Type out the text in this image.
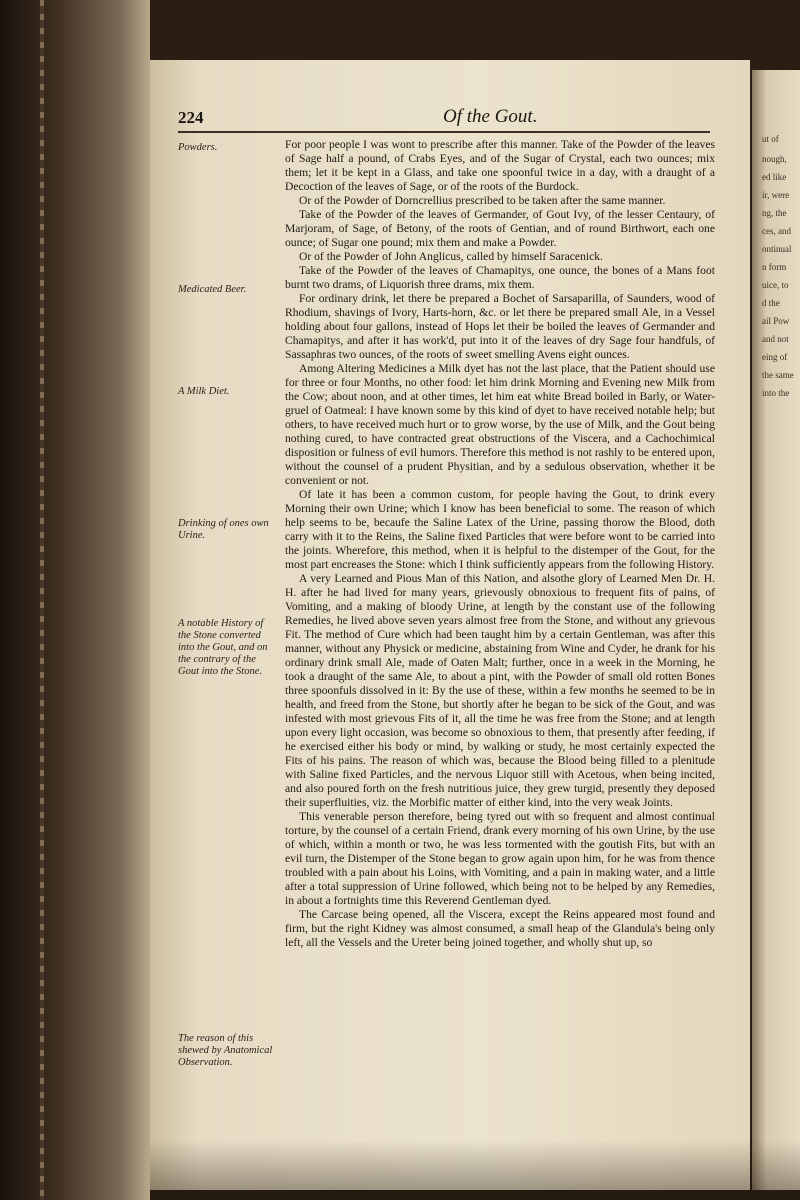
ut of
nough,
ed like
ir, were
ng, the
ces, and
ontinual
n form
uice, to
d the
ail Pow
and not
eing of
the same
into the
224	Of the Gout.
Powders.
Medicated Beer.
A Milk Diet.
Drinking of ones own Urine.
A notable History of the Stone converted into the Gout, and on the contrary of the Gout into the Stone.
The reason of this shewed by Anatomical Observation.

For poor people I was wont to prescribe after this manner. Take of the Powder of the leaves of Sage half a pound, of Crabs Eyes, and of the Sugar of Crystal, each two ounces; mix them; let it be kept in a Glass, and take one spoonful twice in a day, with a draught of a Decoction of the leaves of Sage, or of the roots of the Burdock.

Or of the Powder of Dorncrellius prescribed to be taken after the same manner.

Take of the Powder of the leaves of Germander, of Gout Ivy, of the lesser Centaury, of Marjoram, of Sage, of Betony, of the roots of Gentian, and of round Birthwort, each one ounce; of Sugar one pound; mix them and make a Powder.

Or of the Powder of John Anglicus, called by himself Saracenick.

Take of the Powder of the leaves of Chamapitys, one ounce, the bones of a Mans foot burnt two drams, of Liquorish three drams, mix them.

For ordinary drink, let there be prepared a Bochet of Sarsaparilla, of Saunders, wood of Rhodium, shavings of Ivory, Harts-horn, &c. or let there be prepared small Ale, in a Vessel holding about four gallons, instead of Hops let their be boiled the leaves of Germander and Chamapitys, and after it has work'd, put into it of the leaves of dry Sage four handfuls, of Sassaphras two ounces, of the roots of sweet smelling Avens eight ounces.

Among Altering Medicines a Milk dyet has not the last place, that the Patient should use for three or four Months, no other food: let him drink Morning and Evening new Milk from the Cow; about noon, and at other times, let him eat white Bread boiled in Barly, or Water-gruel of Oatmeal: I have known some by this kind of dyet to have received notable help; but others, to have received much hurt or to grow worse, by the use of Milk, and the Gout being nothing cured, to have contracted great obstructions of the Viscera, and a Cachochimical disposition or fulness of evil humors. Therefore this method is not rashly to be entered upon, without the counsel of a prudent Physitian, and by a sedulous observation, whether it be convenient or not.

Of late it has been a common custom, for people having the Gout, to drink every Morning their own Urine; which I know has been beneficial to some. The reason of which help seems to be, becaufe the Saline Latex of the Urine, passing thorow the Blood, doth carry with it to the Reins, the Saline fixed Particles that were before wont to be carried into the joints. Wherefore, this method, when it is helpful to the distemper of the Gout, for the most part encreases the Stone: which I think sufficiently appears from the following History.

A very Learned and Pious Man of this Nation, and alsothe glory of Learned Men Dr. H. H. after he had lived for many years, grievously obnoxious to frequent fits of pains, of Vomiting, and a making of bloody Urine, at length by the constant use of the following Remedies, he lived above seven years almost free from the Stone, and without any grievous Fit. The method of Cure which had been taught him by a certain Gentleman, was after this manner, without any Physick or medicine, abstaining from Wine and Cyder, he drank for his ordinary drink small Ale, made of Oaten Malt; further, once in a week in the Morning, he took a draught of the same Ale, to about a pint, with the Powder of small old rotten Bones three spoonfuls dissolved in it: By the use of these, within a few months he seemed to be in health, and freed from the Stone, but shortly after he began to be sick of the Gout, and was infested with most grievous Fits of it, all the time he was free from the Stone; and at length upon every light occasion, was become so obnoxious to them, that presently after feeding, if he exercised either his body or mind, by walking or study, he most certainly expected the Fits of his pains. The reason of which was, because the Blood being filled to a plenitude with Saline fixed Particles, and the nervous Liquor still with Acetous, when being incited, and also poured forth on the fresh nutritious juice, they grew turgid, presently they deposed their superfluities, viz. the Morbific matter of either kind, into the very weak Joints.

This venerable person therefore, being tyred out with so frequent and almost continual torture, by the counsel of a certain Friend, drank every morning of his own Urine, by the use of which, within a month or two, he was less tormented with the goutish Fits, but with an evil turn, the Distemper of the Stone began to grow again upon him, for he was from thence troubled with a pain about his Loins, with Vomiting, and a pain in making water, and a little after a total suppression of Urine followed, which being not to be helped by any Remedies, in about a fortnights time this Reverend Gentleman dyed.

The Carcase being opened, all the Viscera, except the Reins appeared most found and firm, but the right Kidney was almost consumed, a small heap of the Glandula's being only left, all the Vessels and the Ureter being joined together, and wholly shut up, so
